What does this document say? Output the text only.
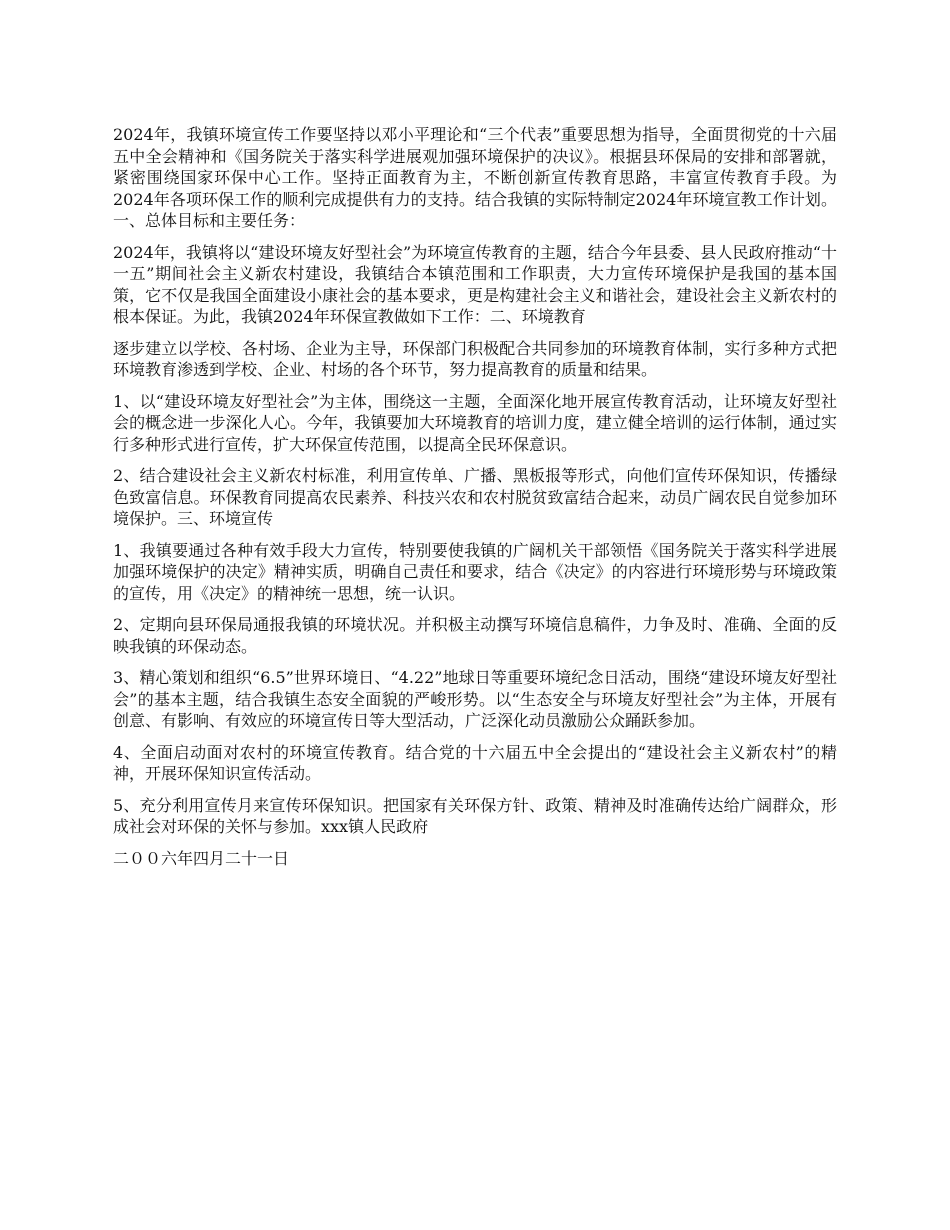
2024年，我镇环境宣传工作要坚持以邓小平理论和“三个代表”重要思想为指导，全面贯彻党的十六届五中全会精神和《国务院关于落实科学进展观加强环境保护的决议》。根据县环保局的安排和部署就，紧密围绕国家环保中心工作。坚持正面教育为主，不断创新宣传教育思路，丰富宣传教育手段。为2024年各项环保工作的顺利完成提供有力的支持。结合我镇的实际特制定2024年环境宣教工作计划。一、总体目标和主要任务：

2024年，我镇将以“建设环境友好型社会”为环境宣传教育的主题，结合今年县委、县人民政府推动“十一五”期间社会主义新农村建设，我镇结合本镇范围和工作职责，大力宣传环境保护是我国的基本国策，它不仅是我国全面建设小康社会的基本要求，更是构建社会主义和谐社会，建设社会主义新农村的根本保证。为此，我镇2024年环保宣教做如下工作：二、环境教育

逐步建立以学校、各村场、企业为主导，环保部门积极配合共同参加的环境教育体制，实行多种方式把环境教育渗透到学校、企业、村场的各个环节，努力提高教育的质量和结果。

1、以“建设环境友好型社会”为主体，围绕这一主题，全面深化地开展宣传教育活动，让环境友好型社会的概念进一步深化人心。今年，我镇要加大环境教育的培训力度，建立健全培训的运行体制，通过实行多种形式进行宣传，扩大环保宣传范围，以提高全民环保意识。

2、结合建设社会主义新农村标准，利用宣传单、广播、黑板报等形式，向他们宣传环保知识，传播绿色致富信息。环保教育同提高农民素养、科技兴农和农村脱贫致富结合起来，动员广阔农民自觉参加环境保护。三、环境宣传

1、我镇要通过各种有效手段大力宣传，特别要使我镇的广阔机关干部领悟《国务院关于落实科学进展加强环境保护的决定》精神实质，明确自己责任和要求，结合《决定》的内容进行环境形势与环境政策的宣传，用《决定》的精神统一思想，统一认识。

2、定期向县环保局通报我镇的环境状况。并积极主动撰写环境信息稿件，力争及时、准确、全面的反映我镇的环保动态。

3、精心策划和组织“6.5”世界环境日、“4.22”地球日等重要环境纪念日活动，围绕“建设环境友好型社会”的基本主题，结合我镇生态安全面貌的严峻形势。以“生态安全与环境友好型社会”为主体，开展有创意、有影响、有效应的环境宣传日等大型活动，广泛深化动员激励公众踊跃参加。

4、全面启动面对农村的环境宣传教育。结合党的十六届五中全会提出的“建设社会主义新农村”的精神，开展环保知识宣传活动。

5、充分利用宣传月来宣传环保知识。把国家有关环保方针、政策、精神及时准确传达给广阔群众，形成社会对环保的关怀与参加。xxx镇人民政府

二００六年四月二十一日
